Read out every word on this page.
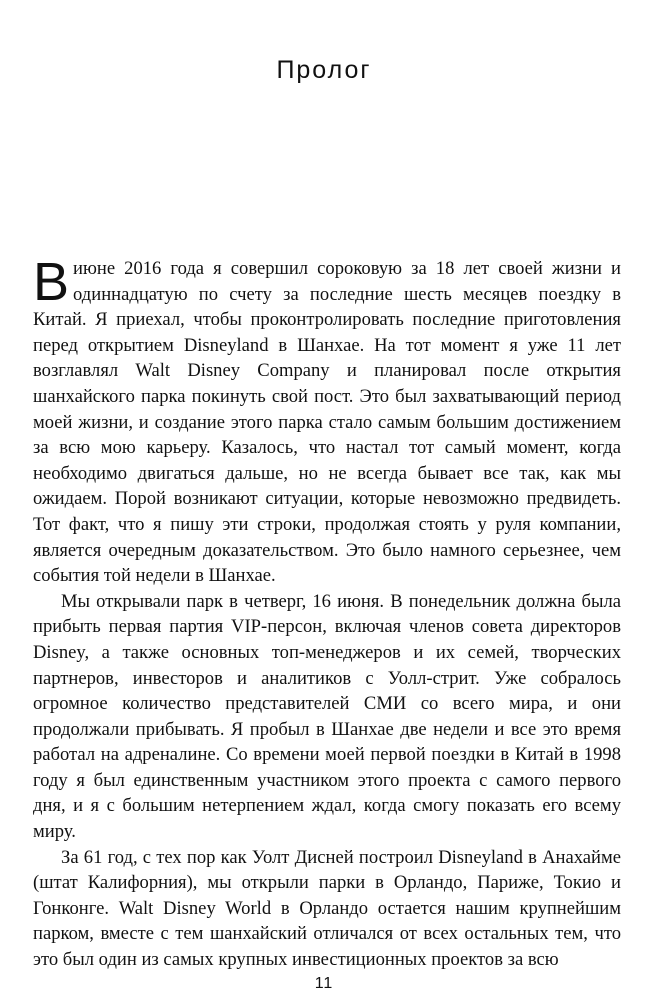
Пролог

В июне 2016 года я совершил сороковую за 18 лет своей жизни и одиннадцатую по счету за последние шесть месяцев поездку в Китай. Я приехал, чтобы проконтролировать последние приготовления перед открытием Disneyland в Шанхае. На тот момент я уже 11 лет возглавлял Walt Disney Company и планировал после открытия шанхайского парка покинуть свой пост. Это был захватывающий период моей жизни, и создание этого парка стало самым большим достижением за всю мою карьеру. Казалось, что настал тот самый момент, когда необходимо двигаться дальше, но не всегда бывает все так, как мы ожидаем. Порой возникают ситуации, которые невозможно предвидеть. Тот факт, что я пишу эти строки, продолжая стоять у руля компании, является очередным доказательством. Это было намного серьезнее, чем события той недели в Шанхае.

Мы открывали парк в четверг, 16 июня. В понедельник должна была прибыть первая партия VIP-персон, включая членов совета директоров Disney, а также основных топ-менеджеров и их семей, творческих партнеров, инвесторов и аналитиков с Уолл-стрит. Уже собралось огромное количество представителей СМИ со всего мира, и они продолжали прибывать. Я пробыл в Шанхае две недели и все это время работал на адреналине. Со времени моей первой поездки в Китай в 1998 году я был единственным участником этого проекта с самого первого дня, и я с большим нетерпением ждал, когда смогу показать его всему миру.

За 61 год, с тех пор как Уолт Дисней построил Disneyland в Анахайме (штат Калифорния), мы открыли парки в Орландо, Париже, Токио и Гонконге. Walt Disney World в Орландо остается нашим крупнейшим парком, вместе с тем шанхайский отличался от всех остальных тем, что это был один из самых крупных инвестиционных проектов за всю

11
